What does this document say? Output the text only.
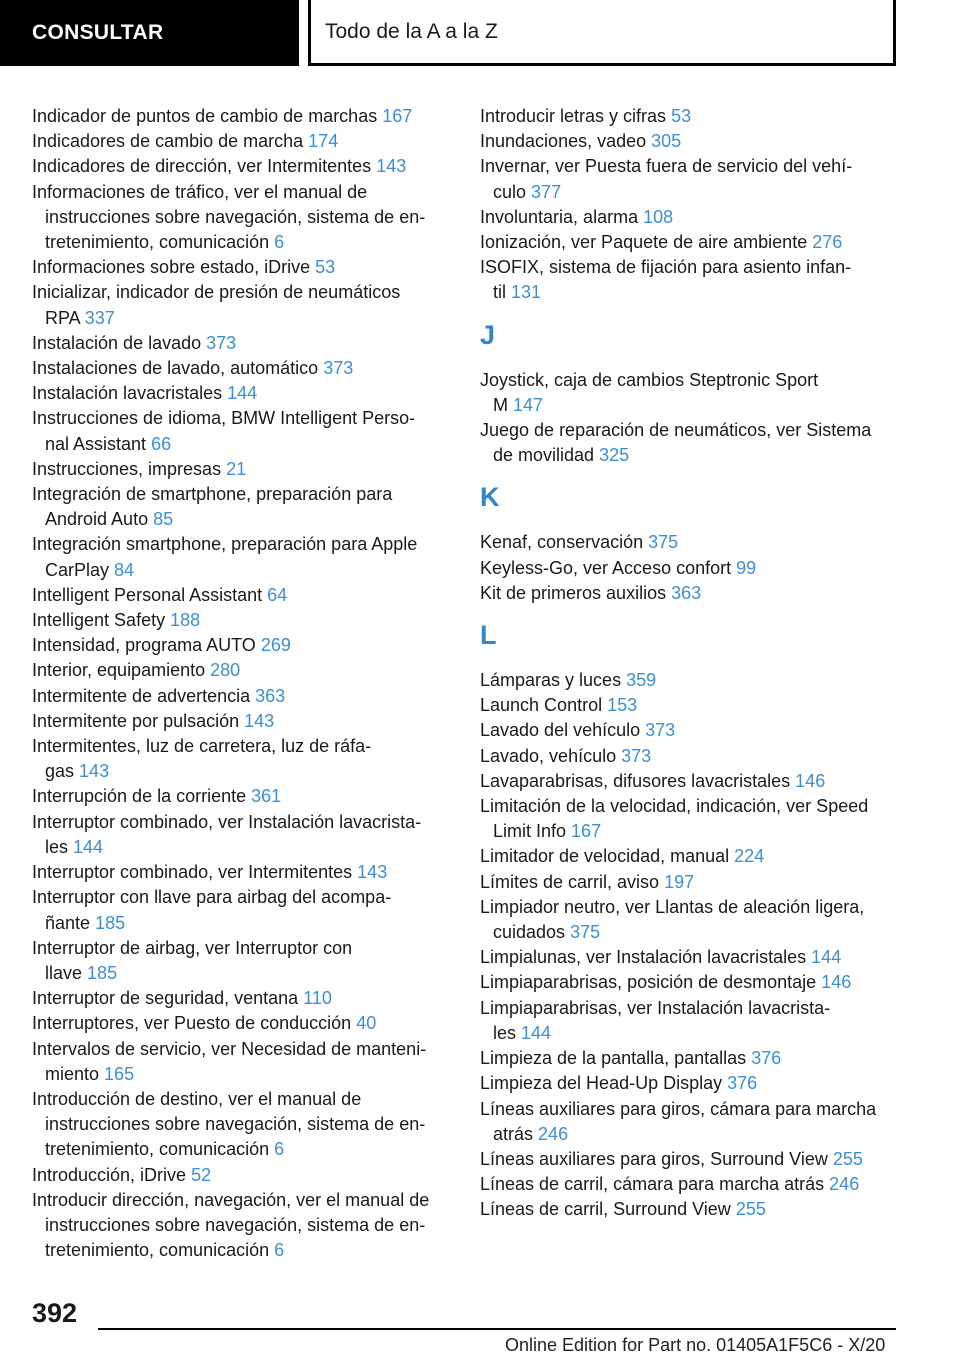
CONSULTAR	Todo de la A a la Z
Indicador de puntos de cambio de marchas 167
Indicadores de cambio de marcha 174
Indicadores de dirección, ver Intermitentes 143
Informaciones de tráfico, ver el manual de
instrucciones sobre navegación, sistema de en-
tretenimiento, comunicación 6
Informaciones sobre estado, iDrive 53
Inicializar, indicador de presión de neumáticos
RPA 337
Instalación de lavado 373
Instalaciones de lavado, automático 373
Instalación lavacristales 144
Instrucciones de idioma, BMW Intelligent Perso-
nal Assistant 66
Instrucciones, impresas 21
Integración de smartphone, preparación para
Android Auto 85
Integración smartphone, preparación para Apple
CarPlay 84
Intelligent Personal Assistant 64
Intelligent Safety 188
Intensidad, programa AUTO 269
Interior, equipamiento 280
Intermitente de advertencia 363
Intermitente por pulsación 143
Intermitentes, luz de carretera, luz de ráfa-
gas 143
Interrupción de la corriente 361
Interruptor combinado, ver Instalación lavacrista-
les 144
Interruptor combinado, ver Intermitentes 143
Interruptor con llave para airbag del acompa-
ñante 185
Interruptor de airbag, ver Interruptor con
llave 185
Interruptor de seguridad, ventana 110
Interruptores, ver Puesto de conducción 40
Intervalos de servicio, ver Necesidad de manteni-
miento 165
Introducción de destino, ver el manual de
instrucciones sobre navegación, sistema de en-
tretenimiento, comunicación 6
Introducción, iDrive 52
Introducir dirección, navegación, ver el manual de
instrucciones sobre navegación, sistema de en-
tretenimiento, comunicación 6
Introducir letras y cifras 53
Inundaciones, vadeo 305
Invernar, ver Puesta fuera de servicio del vehí-
culo 377
Involuntaria, alarma 108
Ionización, ver Paquete de aire ambiente 276
ISOFIX, sistema de fijación para asiento infan-
til 131
J
Joystick, caja de cambios Steptronic Sport
M 147
Juego de reparación de neumáticos, ver Sistema
de movilidad 325
K
Kenaf, conservación 375
Keyless-Go, ver Acceso confort 99
Kit de primeros auxilios 363
L
Lámparas y luces 359
Launch Control 153
Lavado del vehículo 373
Lavado, vehículo 373
Lavaparabrisas, difusores lavacristales 146
Limitación de la velocidad, indicación, ver Speed
Limit Info 167
Limitador de velocidad, manual 224
Límites de carril, aviso 197
Limpiador neutro, ver Llantas de aleación ligera,
cuidados 375
Limpialunas, ver Instalación lavacristales 144
Limpiaparabrisas, posición de desmontaje 146
Limpiaparabrisas, ver Instalación lavacrista-
les 144
Limpieza de la pantalla, pantallas 376
Limpieza del Head-Up Display 376
Líneas auxiliares para giros, cámara para marcha
atrás 246
Líneas auxiliares para giros, Surround View 255
Líneas de carril, cámara para marcha atrás 246
Líneas de carril, Surround View 255
392
Online Edition for Part no. 01405A1F5C6 - X/20
